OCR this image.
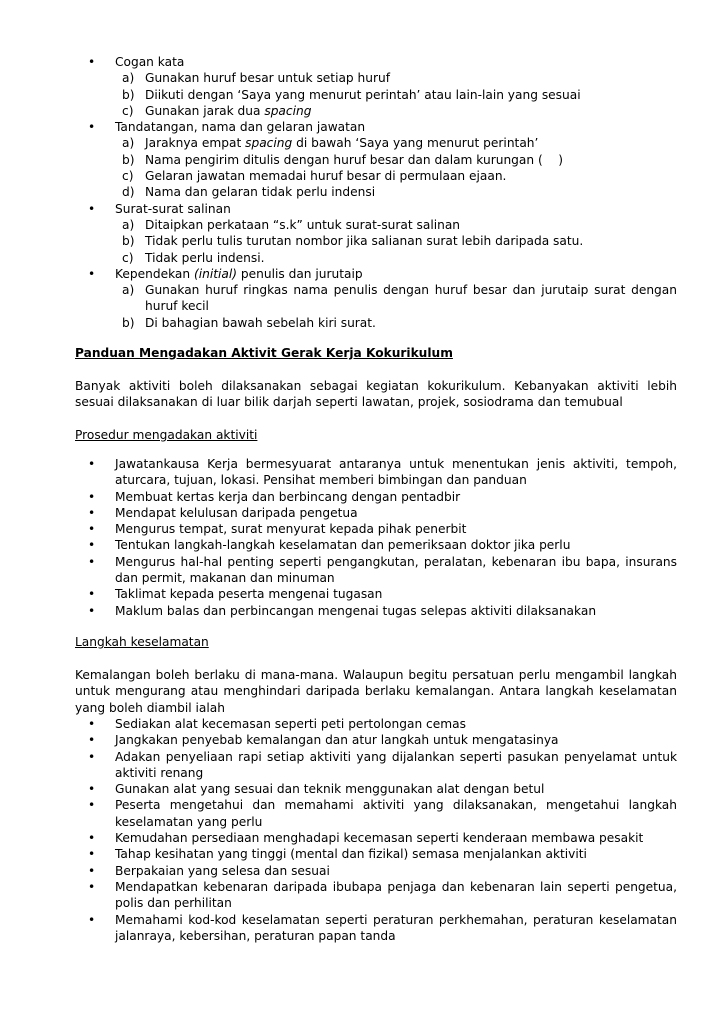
• Cogan kata
a) Gunakan huruf besar untuk setiap huruf
b) Diikuti dengan ‘Saya yang menurut perintah’ atau lain-lain yang sesuai
c) Gunakan jarak dua spacing
• Tandatangan, nama dan gelaran jawatan
a) Jaraknya empat spacing di bawah ‘Saya yang menurut perintah’
b) Nama pengirim ditulis dengan huruf besar dan dalam kurungan (    )
c) Gelaran jawatan memadai huruf besar di permulaan ejaan.
d) Nama dan gelaran tidak perlu indensi
• Surat-surat salinan
a) Ditaipkan perkataan “s.k” untuk surat-surat salinan
b) Tidak perlu tulis turutan nombor jika salianan surat lebih daripada satu.
c) Tidak perlu indensi.
• Kependekan (initial) penulis dan jurutaip
a) Gunakan huruf ringkas nama penulis dengan huruf besar dan jurutaip surat dengan huruf kecil
b) Di bahagian bawah sebelah kiri surat.
Panduan Mengadakan Aktivit Gerak Kerja Kokurikulum
Banyak aktiviti boleh dilaksanakan sebagai kegiatan kokurikulum. Kebanyakan aktiviti lebih sesuai dilaksanakan di luar bilik darjah seperti lawatan, projek, sosiodrama dan temubual
Prosedur mengadakan aktiviti
• Jawatankausa Kerja bermesyuarat antaranya untuk menentukan jenis aktiviti, tempoh, aturcara, tujuan, lokasi. Pensihat memberi bimbingan dan panduan
• Membuat kertas kerja dan berbincang dengan pentadbir
• Mendapat kelulusan daripada pengetua
• Mengurus tempat, surat menyurat kepada pihak penerbit
• Tentukan langkah-langkah keselamatan dan pemeriksaan doktor jika perlu
• Mengurus hal-hal penting seperti pengangkutan, peralatan, kebenaran ibu bapa, insurans dan permit, makanan dan minuman
• Taklimat kepada peserta mengenai tugasan
• Maklum balas dan perbincangan mengenai tugas selepas aktiviti dilaksanakan
Langkah keselamatan
Kemalangan boleh berlaku di mana-mana. Walaupun begitu persatuan perlu mengambil langkah untuk mengurang atau menghindari daripada berlaku kemalangan. Antara langkah keselamatan yang boleh diambil ialah
• Sediakan alat kecemasan seperti peti pertolongan cemas
• Jangkakan penyebab kemalangan dan atur langkah untuk mengatasinya
• Adakan penyeliaan rapi setiap aktiviti yang dijalankan seperti pasukan penyelamat untuk aktiviti renang
• Gunakan alat yang sesuai dan teknik menggunakan alat dengan betul
• Peserta mengetahui dan memahami aktiviti yang dilaksanakan, mengetahui langkah keselamatan yang perlu
• Kemudahan persediaan menghadapi kecemasan seperti kenderaan membawa pesakit
• Tahap kesihatan yang tinggi (mental dan fizikal) semasa menjalankan aktiviti
• Berpakaian yang selesa dan sesuai
• Mendapatkan kebenaran daripada ibubapa penjaga dan kebenaran lain seperti pengetua, polis dan perhilitan
• Memahami kod-kod keselamatan seperti peraturan perkhemahan, peraturan keselamatan jalanraya, kebersihan, peraturan papan tanda
